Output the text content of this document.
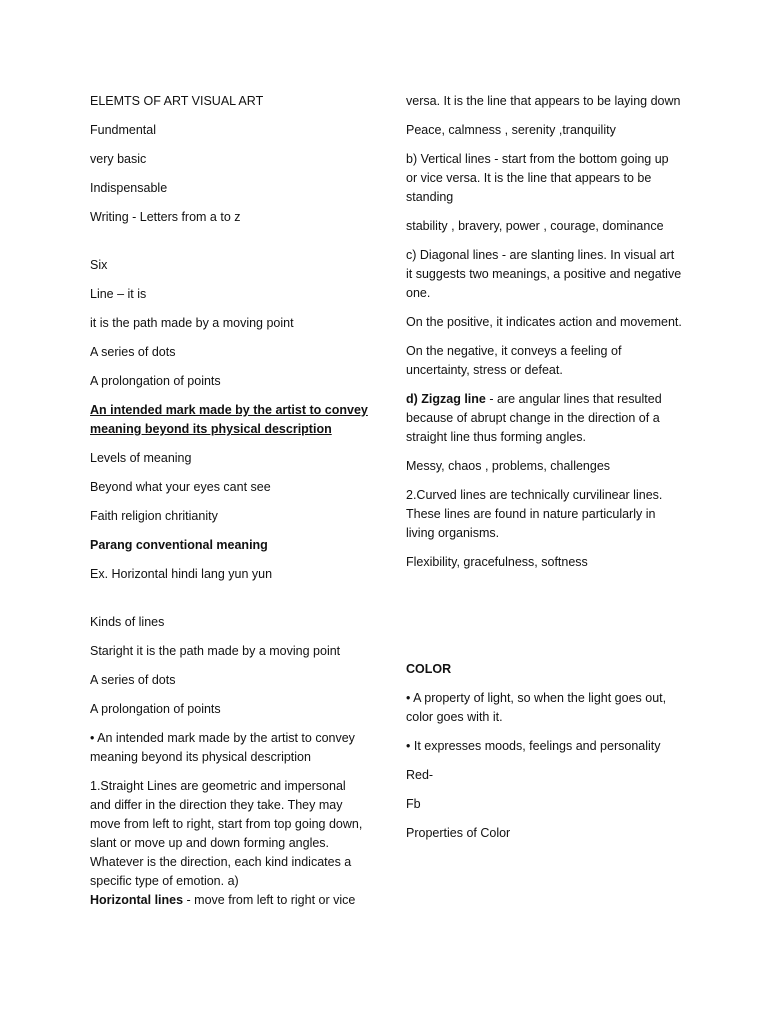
ELEMTS OF ART VISUAL ART

Fundmental

very basic

Indispensable

Writing - Letters from a to z

Six

Line – it is

it is the path made by a moving point

A series of dots

A prolongation of points

An intended mark made by the artist to convey meaning beyond its physical description

Levels of meaning

Beyond what your eyes cant see

Faith religion chritianity

Parang conventional meaning

Ex. Horizontal hindi lang yun yun

Kinds of lines

Staright it is the path made by a moving point

A series of dots

A prolongation of points

• An intended mark made by the artist to convey meaning beyond its physical description

1.Straight Lines are geometric and impersonal and differ in the direction they take. They may move from left to right, start from top going down, slant or move up and down forming angles. Whatever is the direction, each kind indicates a specific type of emotion. a)
Horizontal lines - move from left to right or vice

versa. It is the line that appears to be laying down

Peace, calmness , serenity ,tranquility

b) Vertical lines - start from the bottom going up or vice versa. It is the line that appears to be standing

stability , bravery, power , courage, dominance

c) Diagonal lines - are slanting lines. In visual art it suggests two meanings, a positive and negative one.

On the positive, it indicates action and movement.

On the negative, it conveys a feeling of uncertainty, stress or defeat.

d) Zigzag line - are angular lines that resulted because of abrupt change in the direction of a straight line thus forming angles.

Messy, chaos , problems, challenges

2.Curved lines are technically curvilinear lines. These lines are found in nature particularly in living organisms.

Flexibility, gracefulness, softness

COLOR

• A property of light, so when the light goes out, color goes with it.

• It expresses moods, feelings and personality

Red-

Fb

Properties of Color
